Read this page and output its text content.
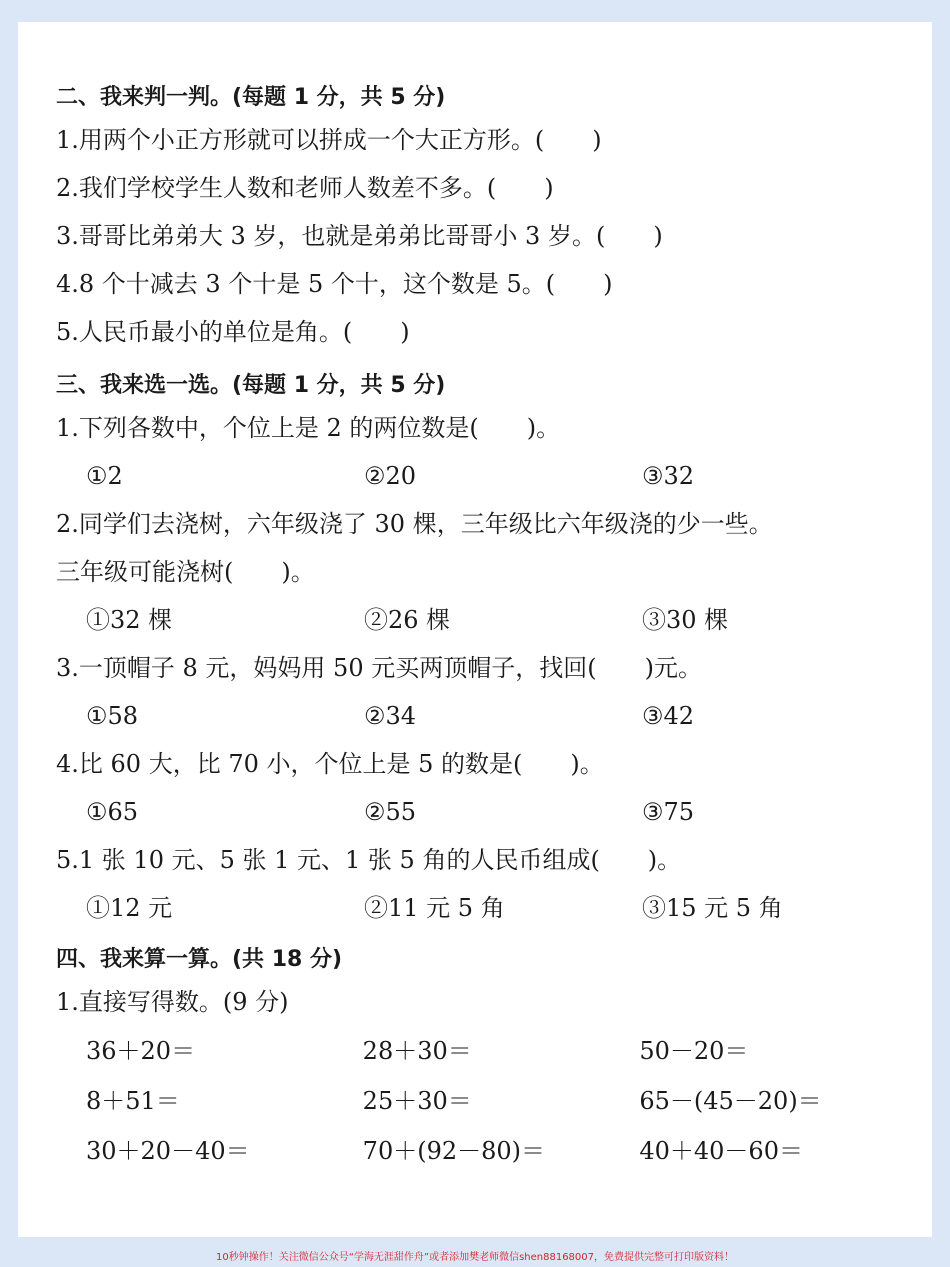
二、我来判一判。(每题 1 分，共 5 分)

1.用两个小正方形就可以拼成一个大正方形。(　　)

2.我们学校学生人数和老师人数差不多。(　　)

3.哥哥比弟弟大 3 岁，也就是弟弟比哥哥小 3 岁。(　　)

4.8 个十减去 3 个十是 5 个十，这个数是 5。(　　)

5.人民币最小的单位是角。(　　)

三、我来选一选。(每题 1 分，共 5 分)

1.下列各数中，个位上是 2 的两位数是(　　)。

①2	②20	③32

2.同学们去浇树，六年级浇了 30 棵，三年级比六年级浇的少一些。

三年级可能浇树(　　)。

①32 棵	②26 棵	③30 棵

3.一顶帽子 8 元，妈妈用 50 元买两顶帽子，找回(　　)元。

①58	②34	③42

4.比 60 大，比 70 小，个位上是 5 的数是(　　)。

①65	②55	③75

5.1 张 10 元、5 张 1 元、1 张 5 角的人民币组成(　　)。

①12 元	②11 元 5 角	③15 元 5 角

四、我来算一算。(共 18 分)

1.直接写得数。(9 分)

36＋20＝	28＋30＝	50－20＝
8＋51＝	25＋30＝	65－(45－20)＝
30＋20－40＝	70＋(92－80)＝	40＋40－60＝
10秒钟操作！关注微信公众号“学海无涯甜作舟”或者添加樊老师微信shen88168007，免费提供完整可打印版资料！
